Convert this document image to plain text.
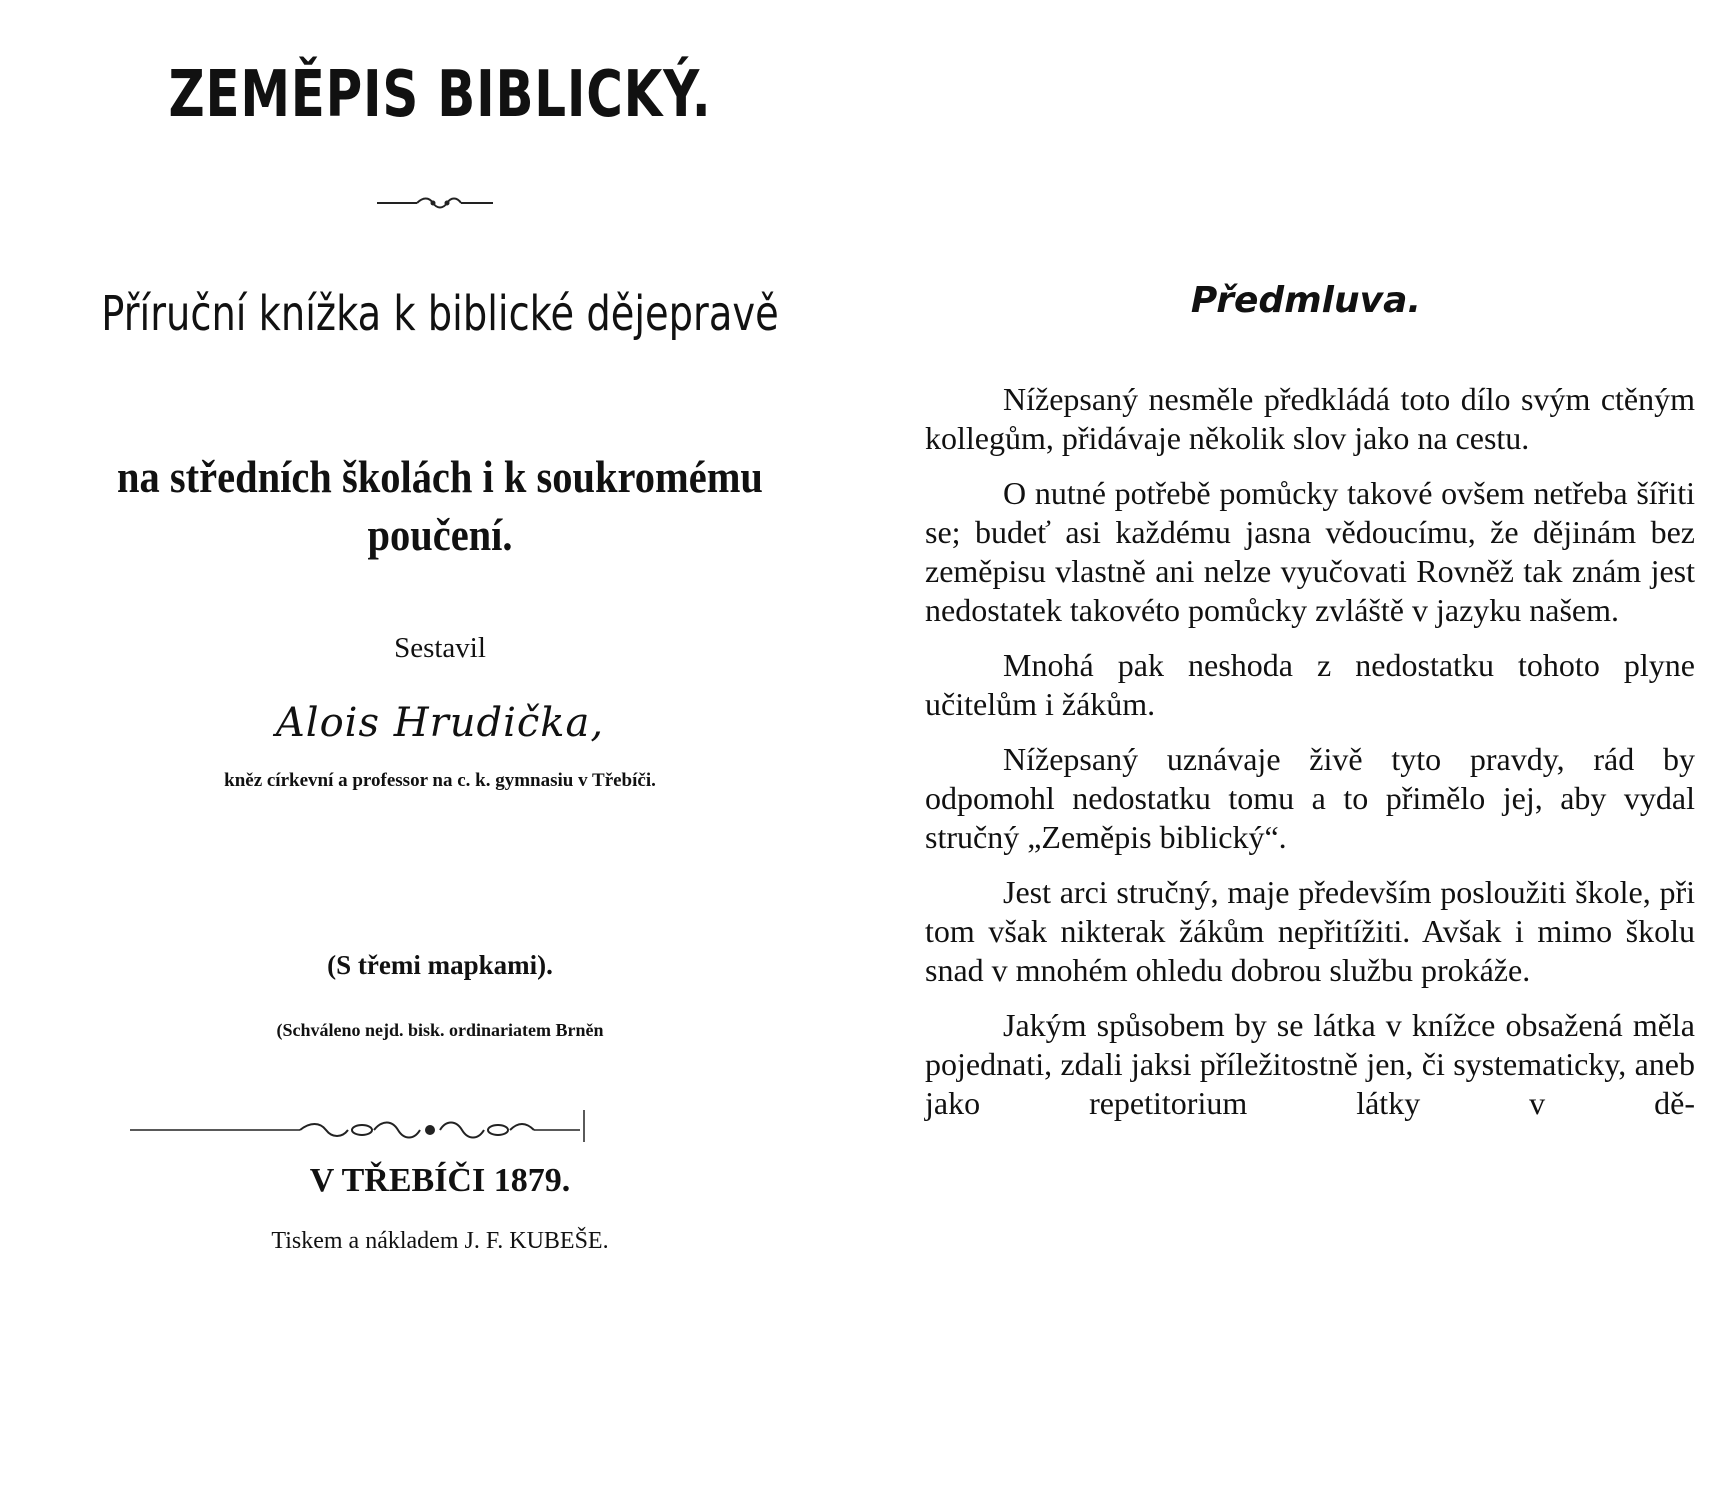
ZEMĚPIS BIBLICKÝ.
Příruční knížka k biblické dějepravě
na středních školách i k soukromému poučení.
Sestavil
Alois Hrudička,
kněz církevní a professor na c. k. gymnasiu v Třebíči.
(S třemi mapkami).
(Schváleno nejd. bisk. ordinariatem Brněn
V TŘEBÍČI 1879.
Tiskem a nákladem J. F. KUBEŠE.
Předmluva.

Nížepsaný nesměle předkládá toto dílo svým ctěným kollegům, přidávaje několik slov jako na cestu.

O nutné potřebě pomůcky takové ovšem netřeba šířiti se; budeť asi každému jasna vědoucímu, že dějinám bez zeměpisu vlastně ani nelze vyučovati Rovněž tak znám jest nedostatek takovéto pomůcky zvláště v jazyku našem.

Mnohá pak neshoda z nedostatku tohoto plyne učitelům i žákům.

Nížepsaný uznávaje živě tyto pravdy, rád by odpomohl nedostatku tomu a to přimělo jej, aby vydal stručný „Zeměpis biblický“.

Jest arci stručný, maje především posloužiti škole, při tom však nikterak žákům nepřitížiti. Avšak i mimo školu snad v mnohém ohledu dobrou službu prokáže.

Jakým spůsobem by se látka v knížce obsažená měla pojednati, zdali jaksi příležitostně jen, či systematicky, aneb jako repetitorium látky v dě-
